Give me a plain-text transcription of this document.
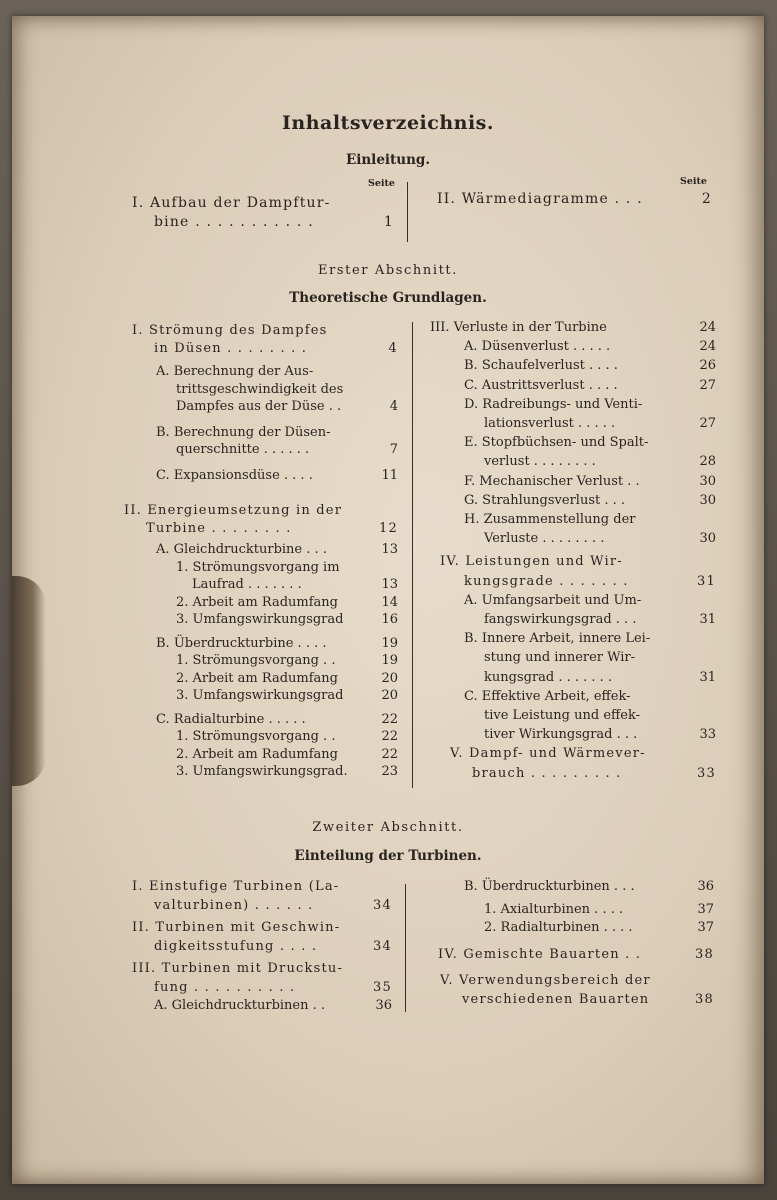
Inhaltsverzeichnis.
Einleitung.
Seite	Seite
I. Aufbau der Dampftur-
bine . . . . . . . . . . .	1
II. Wärmediagramme . . .	2
Erster Abschnitt.
Theoretische Grundlagen.
I. Strömung des Dampfes
in Düsen . . . . . . . .	4
A. Berechnung der Aus-
trittsgeschwindigkeit des
Dampfes aus der Düse . .	4
B. Berechnung der Düsen-
querschnitte . . . . . .	7
C. Expansionsdüse . . . .	11
II. Energieumsetzung in der
Turbine . . . . . . . .	12
A. Gleichdruckturbine . . .	13
1. Strömungsvorgang im
Laufrad . . . . . . .	13
2. Arbeit am Radumfang	14
3. Umfangswirkungsgrad	16
B. Überdruckturbine . . . .	19
1. Strömungsvorgang . .	19
2. Arbeit am Radumfang	20
3. Umfangswirkungsgrad	20
C. Radialturbine . . . . .	22
1. Strömungsvorgang . .	22
2. Arbeit am Radumfang	22
3. Umfangswirkungsgrad.	23
III. Verluste in der Turbine	24
A. Düsenverlust . . . . .	24
B. Schaufelverlust . . . .	26
C. Austrittsverlust . . . .	27
D. Radreibungs- und Venti-
lationsverlust . . . . .	27
E. Stopfbüchsen- und Spalt-
verlust . . . . . . . .	28
F. Mechanischer Verlust . .	30
G. Strahlungsverlust . . .	30
H. Zusammenstellung der
Verluste . . . . . . . .	30
IV. Leistungen und Wir-
kungsgrade . . . . . . .	31
A. Umfangsarbeit und Um-
fangswirkungsgrad . . .	31
B. Innere Arbeit, innere Lei-
stung und innerer Wir-
kungsgrad . . . . . . .	31
C. Effektive Arbeit, effek-
tive Leistung und effek-
tiver Wirkungsgrad . . .	33
V. Dampf- und Wärmever-
brauch . . . . . . . . .	33
Zweiter Abschnitt.
Einteilung der Turbinen.
I. Einstufige Turbinen (La-
valturbinen) . . . . . .	34
II. Turbinen mit Geschwin-
digkeitsstufung . . . .	34
III. Turbinen mit Druckstu-
fung . . . . . . . . . .	35
A. Gleichdruckturbinen . .	36
B. Überdruckturbinen . . .	36
1. Axialturbinen . . . .	37
2. Radialturbinen . . . .	37
IV. Gemischte Bauarten . .	38
V. Verwendungsbereich der
verschiedenen Bauarten	38
